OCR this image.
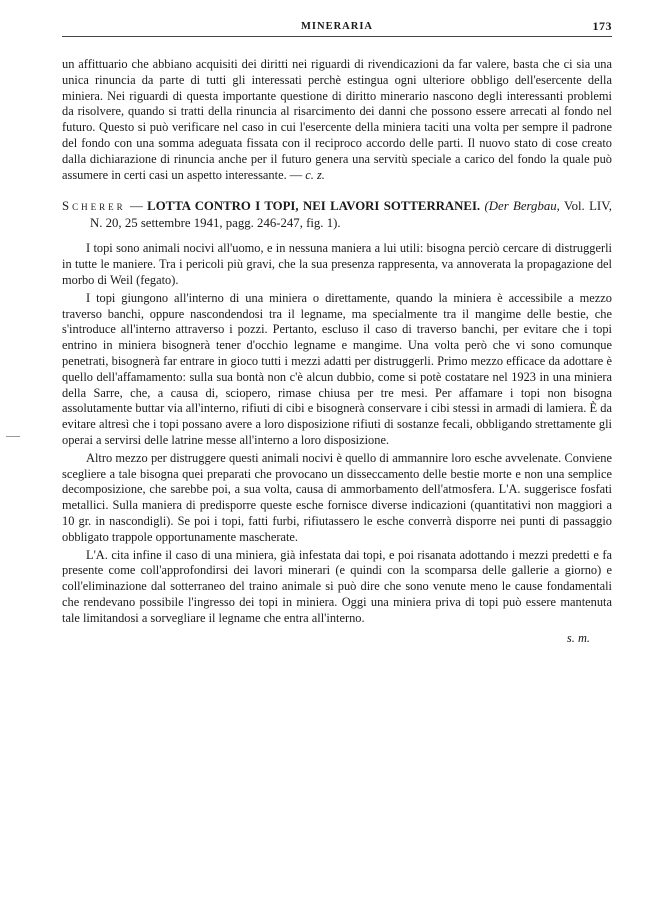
MINERARIA	173

un affittuario che abbiano acquisiti dei diritti nei riguardi di rivendicazioni da far valere, basta che ci sia una unica rinuncia da parte di tutti gli interessati perchè estingua ogni ulteriore obbligo dell'esercente della miniera. Nei riguardi di questa importante questione di diritto minerario nascono degli interessanti problemi da risolvere, quando si tratti della rinuncia al risarcimento dei danni che possono essere arrecati al fondo nel futuro. Questo si può verificare nel caso in cui l'esercente della miniera taciti una volta per sempre il padrone del fondo con una somma adeguata fissata con il reciproco accordo delle parti. Il nuovo stato di cose creato dalla dichiarazione di rinuncia anche per il futuro genera una servitù speciale a carico del fondo la quale può assumere in certi casi un aspetto interessante. — c. z.

Scherer — LOTTA CONTRO I TOPI, NEI LAVORI SOTTERRANEI. (Der Bergbau, Vol. LIV, N. 20, 25 settembre 1941, pagg. 246-247, fig. 1).

I topi sono animali nocivi all'uomo, e in nessuna maniera a lui utili: bisogna perciò cercare di distruggerli in tutte le maniere. Tra i pericoli più gravi, che la sua presenza rappresenta, va annoverata la propagazione del morbo di Weil (fegato).

I topi giungono all'interno di una miniera o direttamente, quando la miniera è accessibile a mezzo traverso banchi, oppure nascondendosi tra il legname, ma specialmente tra il mangime delle bestie, che s'introduce all'interno attraverso i pozzi. Pertanto, escluso il caso di traverso banchi, per evitare che i topi entrino in miniera bisognerà tener d'occhio legname e mangime. Una volta però che vi sono comunque penetrati, bisognerà far entrare in gioco tutti i mezzi adatti per distruggerli. Primo mezzo efficace da adottare è quello dell'affamamento: sulla sua bontà non c'è alcun dubbio, come si potè costatare nel 1923 in una miniera della Sarre, che, a causa di, sciopero, rimase chiusa per tre mesi. Per affamare i topi non bisogna assolutamente buttar via all'interno, rifiuti di cibi e bisognerà conservare i cibi stessi in armadi di lamiera. È da evitare altresì che i topi possano avere a loro disposizione rifiuti di sostanze fecali, obbligando strettamente gli operai a servirsi delle latrine messe all'interno a loro disposizione.

Altro mezzo per distruggere questi animali nocivi è quello di ammannire loro esche avvelenate. Conviene scegliere a tale bisogna quei preparati che provocano un disseccamento delle bestie morte e non una semplice decomposizione, che sarebbe poi, a sua volta, causa di ammorbamento dell'atmosfera. L'A. suggerisce fosfati metallici. Sulla maniera di predisporre queste esche fornisce diverse indicazioni (quantitativi non maggiori a 10 gr. in nascondigli). Se poi i topi, fatti furbi, rifiutassero le esche converrà disporre nei punti di passaggio obbligato trappole opportunamente mascherate.

L'A. cita infine il caso di una miniera, già infestata dai topi, e poi risanata adottando i mezzi predetti e fa presente come coll'approfondirsi dei lavori minerari (e quindi con la scomparsa delle gallerie a giorno) e coll'eliminazione dal sotterraneo del traino animale si può dire che sono venute meno le cause fondamentali che rendevano possibile l'ingresso dei topi in miniera. Oggi una miniera priva di topi può essere mantenuta tale limitandosi a sorvegliare il legname che entra all'interno.

s. m.
